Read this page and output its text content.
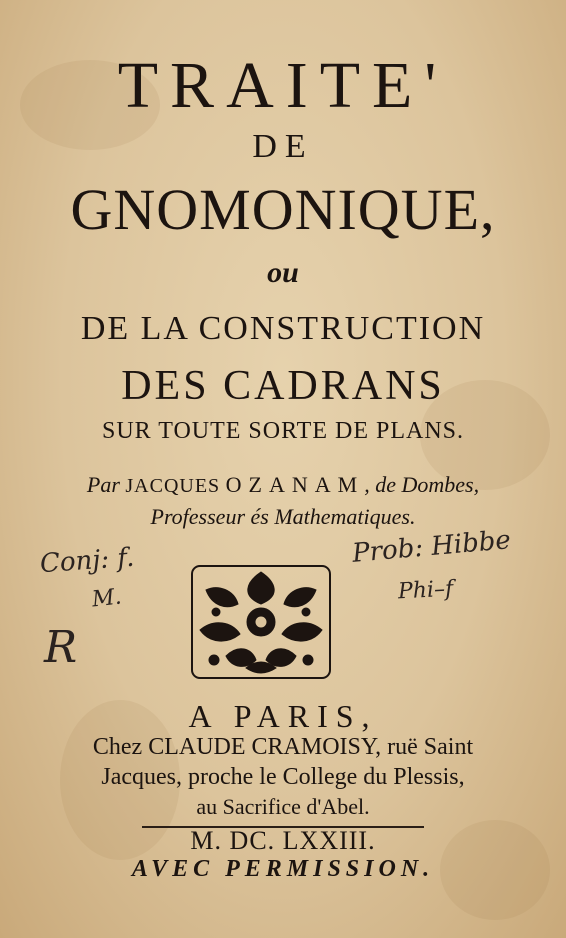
TRAITE'
DE
GNOMONIQUE,
ou
DE LA CONSTRUCTION
DES CADRANS
SUR TOUTE SORTE DE PLANS.
Par JACQUES OZANAM, de Dombes,
Professeur és Mathematiques.
Conj: f.
M.
Prob: Hibbe
Phi–f
R
A PARIS,
Chez CLAUDE CRAMOISY, ruë Saint
Jacques, proche le College du Plessis,
au Sacrifice d'Abel.
M. DC. LXXIII.
AVEC PERMISSION.
